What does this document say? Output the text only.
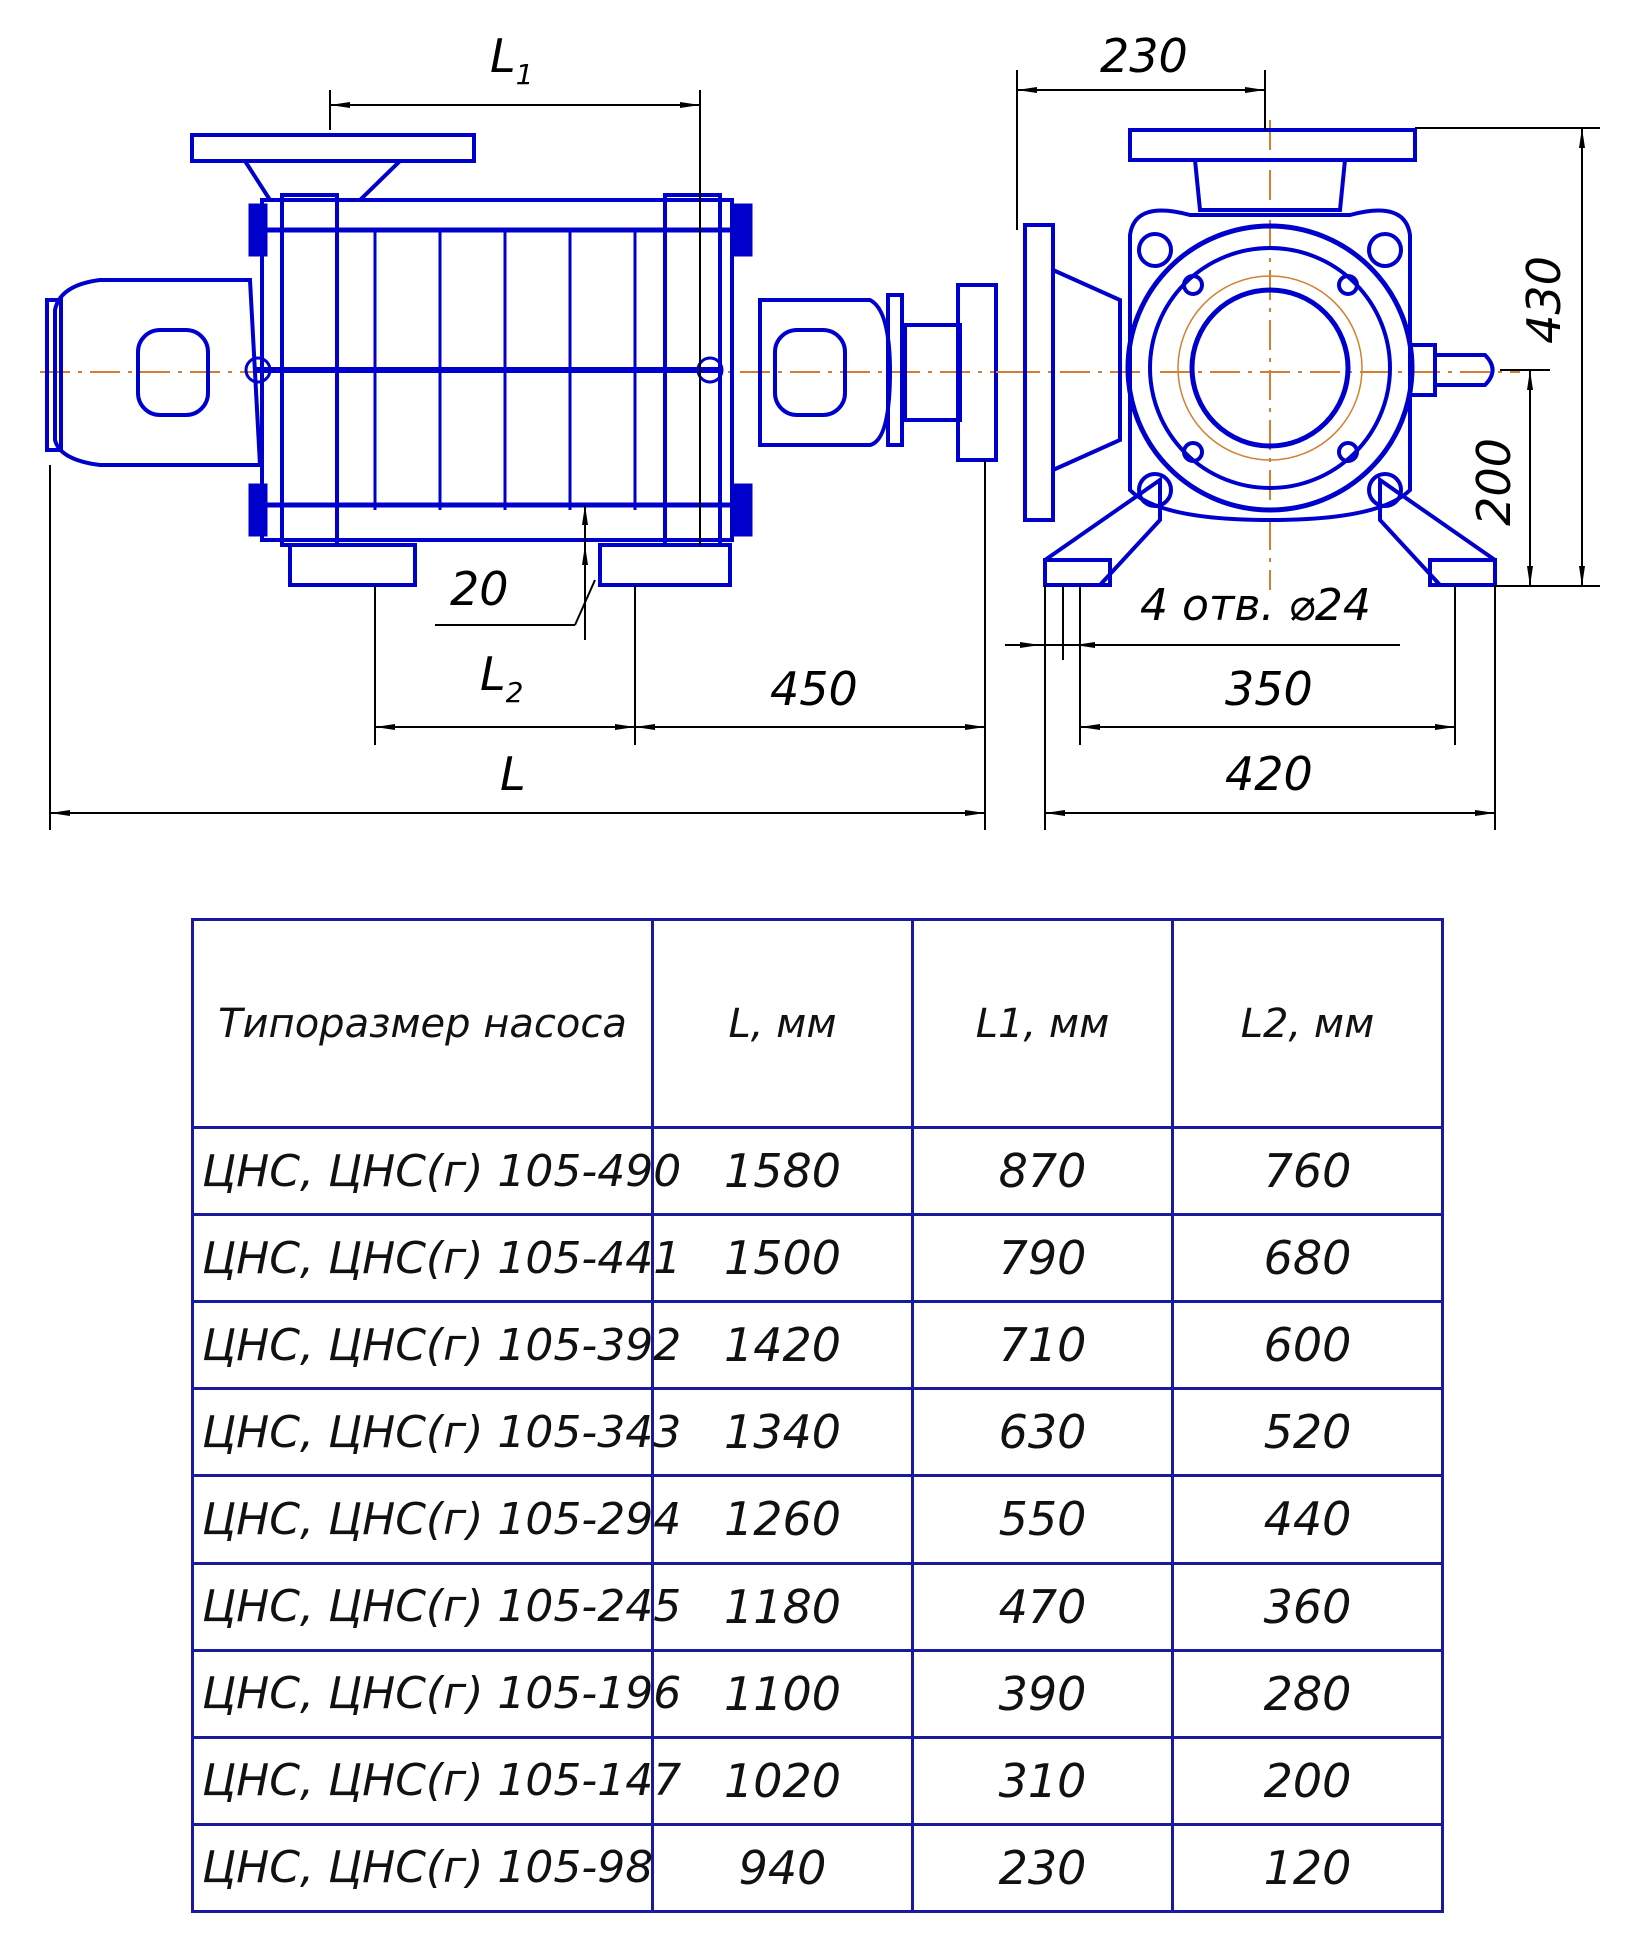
$L_1$	230
430
200
20	4 отв. ⌀24
$L_2$	450	350
L	420
Типоразмер насоса	L, мм	L1, мм	L2, мм
ЦНС, ЦНС(г) 105-490	1580	870	760
ЦНС, ЦНС(г) 105-441	1500	790	680
ЦНС, ЦНС(г) 105-392	1420	710	600
ЦНС, ЦНС(г) 105-343	1340	630	520
ЦНС, ЦНС(г) 105-294	1260	550	440
ЦНС, ЦНС(г) 105-245	1180	470	360
ЦНС, ЦНС(г) 105-196	1100	390	280
ЦНС, ЦНС(г) 105-147	1020	310	200
ЦНС, ЦНС(г) 105-98	940	230	120
